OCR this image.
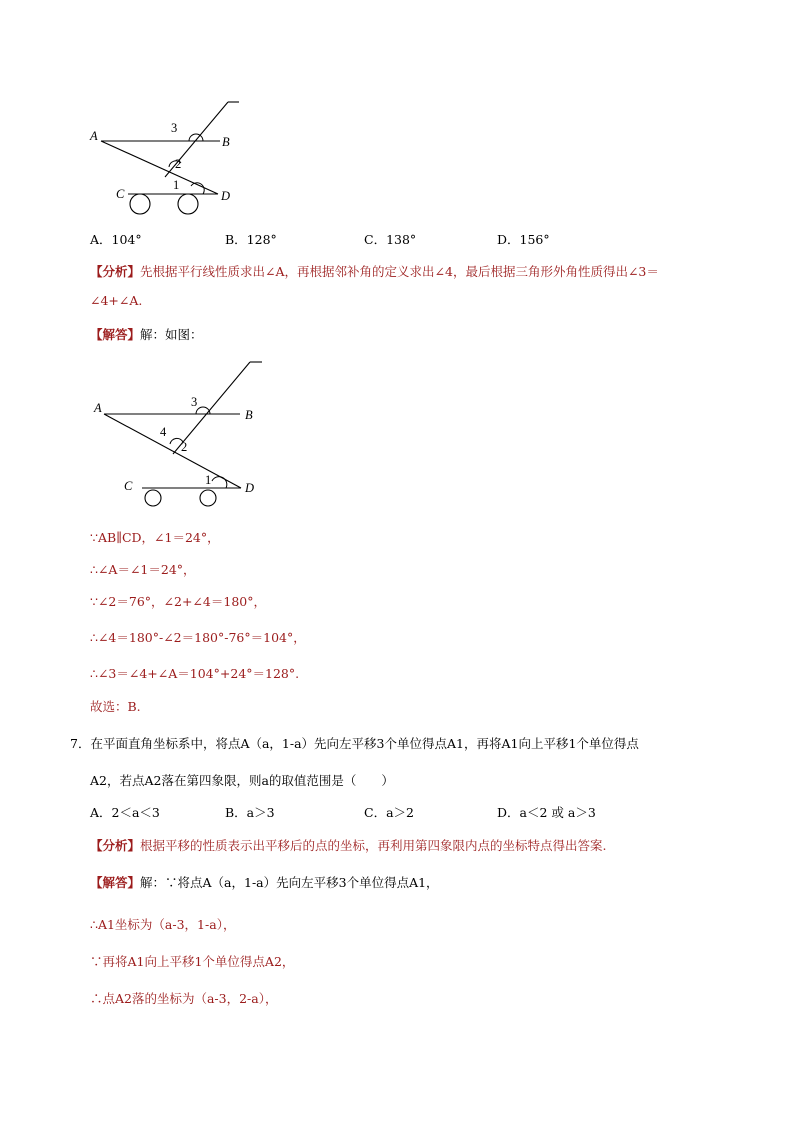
A	B
C	D
3
2
1
A．104°	B．128°	C．138°	D．156°
【分析】先根据平行线性质求出∠A，再根据邻补角的定义求出∠4，最后根据三角形外角性质得出∠3＝
∠4+∠A.
【解答】解：如图：
A	B
C	D
3
4
2
1
∵AB∥CD，∠1＝24°，
∴∠A＝∠1＝24°，
∵∠2＝76°，∠2+∠4＝180°，
∴∠4＝180°-∠2＝180°-76°＝104°，
∴∠3＝∠4+∠A＝104°+24°＝128°.
故选：B.
7．在平面直角坐标系中，将点A（a，1-a）先向左平移3个单位得点A1，再将A1向上平移1个单位得点
A2，若点A2落在第四象限，则a的取值范围是（　　）
A．2＜a＜3	B．a＞3	C．a＞2	D．a＜2 或 a＞3
【分析】根据平移的性质表示出平移后的点的坐标，再利用第四象限内点的坐标特点得出答案.
【解答】解：∵将点A（a，1-a）先向左平移3个单位得点A1，
∴A1坐标为（a-3，1-a），
∵再将A1向上平移1个单位得点A2，
∴点A2落的坐标为（a-3，2-a），
